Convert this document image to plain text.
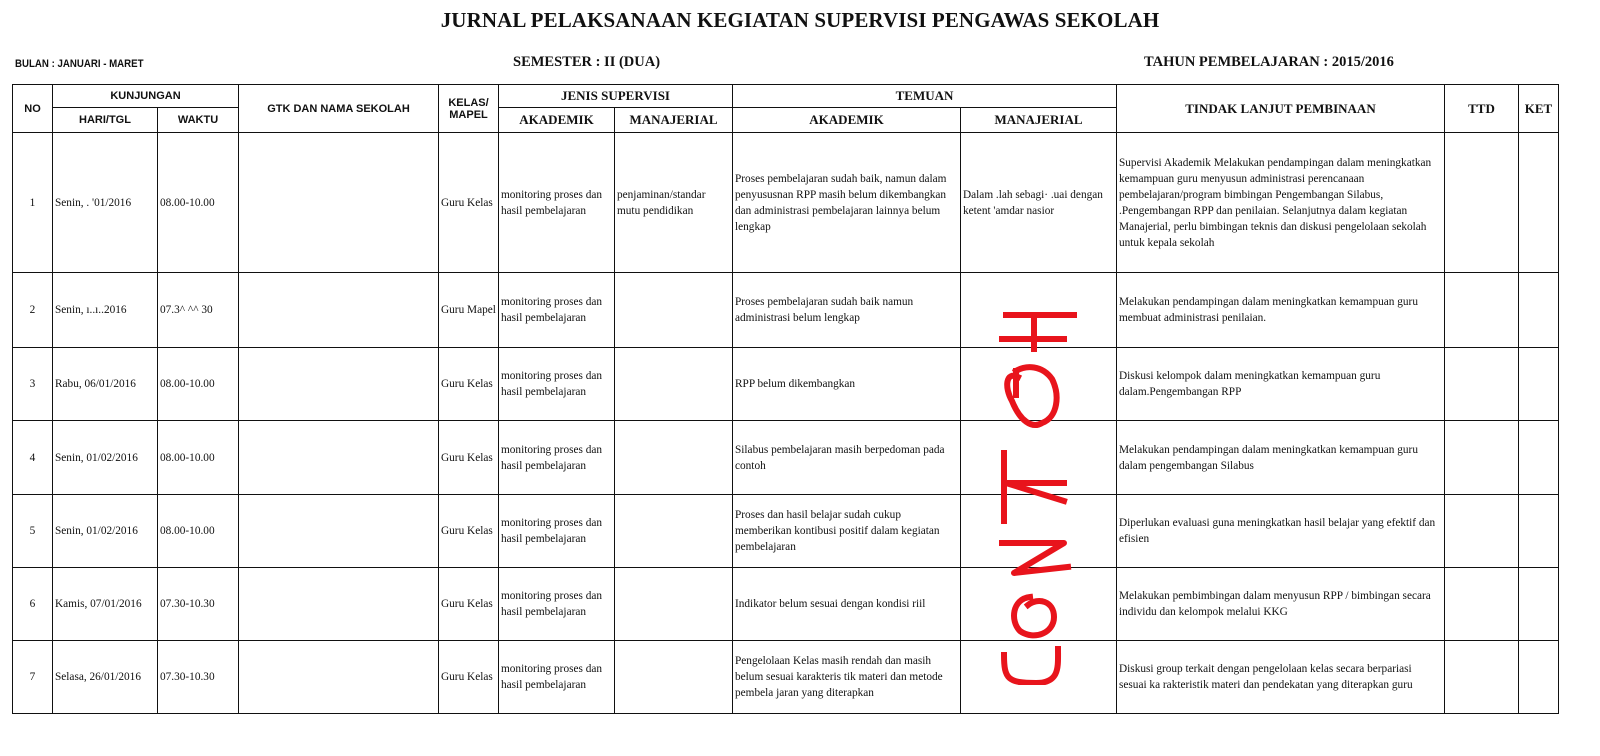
JURNAL PELAKSANAAN KEGIATAN SUPERVISI PENGAWAS SEKOLAH
BULAN : JANUARI - MARET	SEMESTER : II (DUA)	TAHUN PEMBELAJARAN : 2015/2016
NO	KUNJUNGAN		GTK DAN NAMA SEKOLAH	KELAS/ MAPEL	JENIS SUPERVISI		TEMUAN		TINDAK LANJUT PEMBINAAN	TTD	KET
	HARI/TGL	WAKTU			AKADEMIK	MANAJERIAL	AKADEMIK	MANAJERIAL			
1	Senin, . '01/2016	08.00-10.00		Guru Kelas	monitoring proses dan hasil pembelajaran	penjaminan/standar mutu pendidikan	Proses pembelajaran sudah baik, namun dalam penyususnan RPP masih belum dikembangkan dan administrasi pembelajaran lainnya belum lengkap	Dalam .lah sebagi· .uai dengan ketent 'amdar nasior	Supervisi Akademik Melakukan pendampingan dalam meningkatkan kemampuan guru menyusun administrasi perencanaan pembelajaran/program bimbingan Pengembangan Silabus, .Pengembangan RPP dan penilaian. Selanjutnya dalam kegiatan Manajerial, perlu bimbingan teknis dan diskusi pengelolaan sekolah untuk kepala sekolah		
2	Senin, ı..ı..2016	07.3^ ^^ 30		Guru Mapel	monitoring proses dan hasil pembelajaran		Proses pembelajaran sudah baik namun administrasi belum lengkap		Melakukan pendampingan dalam meningkatkan kemampuan guru membuat administrasi penilaian.		
3	Rabu, 06/01/2016	08.00-10.00		Guru Kelas	monitoring proses dan hasil pembelajaran		RPP belum dikembangkan		Diskusi kelompok dalam meningkatkan kemampuan guru dalam.Pengembangan RPP		
4	Senin, 01/02/2016	08.00-10.00		Guru Kelas	monitoring proses dan hasil pembelajaran		Silabus pembelajaran masih berpedoman pada contoh		Melakukan pendampingan dalam meningkatkan kemampuan guru dalam pengembangan Silabus		
5	Senin, 01/02/2016	08.00-10.00		Guru Kelas	monitoring proses dan hasil pembelajaran		Proses dan hasil belajar sudah cukup memberikan kontibusi positif dalam kegiatan pembelajaran		Diperlukan evaluasi guna meningkatkan hasil belajar yang efektif dan efisien		
6	Kamis, 07/01/2016	07.30-10.30		Guru Kelas	monitoring proses dan hasil pembelajaran		Indikator belum sesuai dengan kondisi riil		Melakukan pembimbingan dalam menyusun RPP / bimbingan secara individu dan kelompok melalui KKG		
7	Selasa, 26/01/2016	07.30-10.30		Guru Kelas	monitoring proses dan hasil pembelajaran		Pengelolaan Kelas masih rendah dan masih belum sesuai karakteris tik materi dan metode pembela jaran yang diterapkan		Diskusi group terkait dengan pengelolaan kelas secara berpariasi sesuai ka rakteristik materi dan pendekatan yang diterapkan guru		
